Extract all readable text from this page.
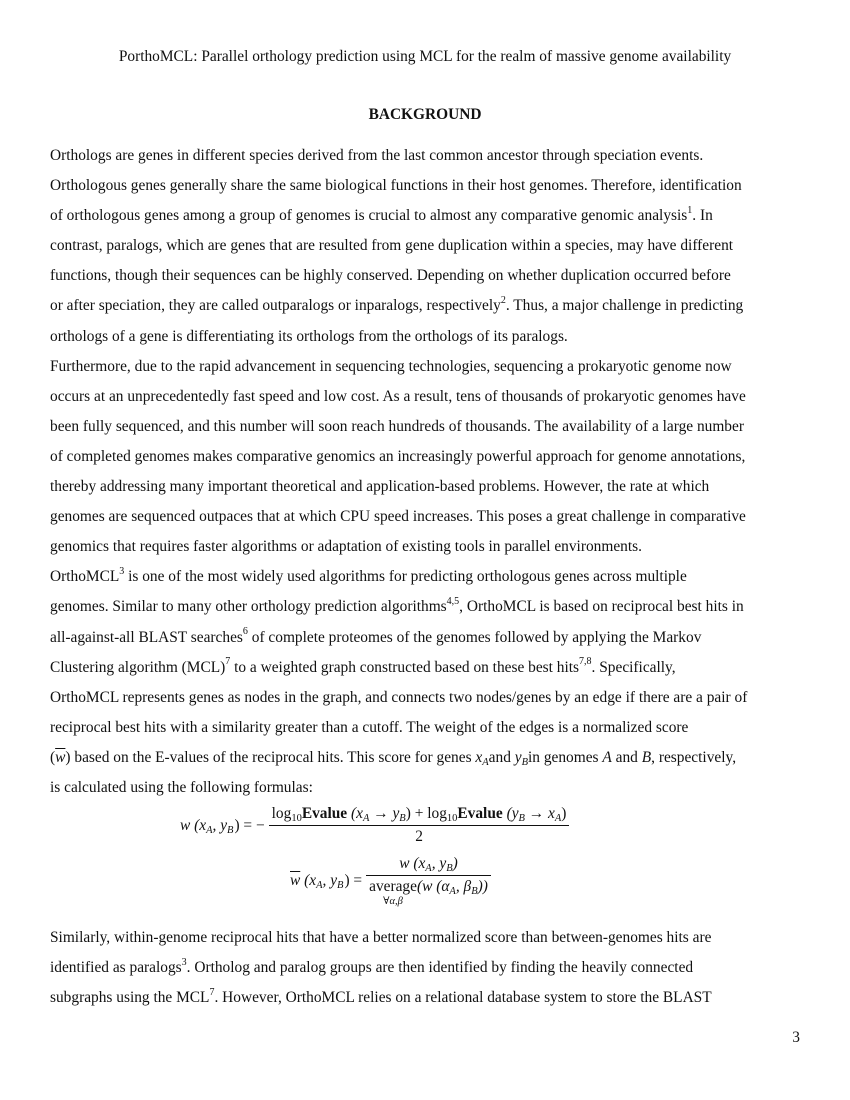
PorthoMCL: Parallel orthology prediction using MCL for the realm of massive genome availability
BACKGROUND
Orthologs are genes in different species derived from the last common ancestor through speciation events.
Orthologous genes generally share the same biological functions in their host genomes. Therefore, identification
of orthologous genes among a group of genomes is crucial to almost any comparative genomic analysis$^1$. In
contrast, paralogs, which are genes that are resulted from gene duplication within a species, may have different
functions, though their sequences can be highly conserved. Depending on whether duplication occurred before
or after speciation, they are called outparalogs or inparalogs, respectively$^2$. Thus, a major challenge in predicting
orthologs of a gene is differentiating its orthologs from the orthologs of its paralogs.
Furthermore, due to the rapid advancement in sequencing technologies, sequencing a prokaryotic genome now
occurs at an unprecedentedly fast speed and low cost. As a result, tens of thousands of prokaryotic genomes have
been fully sequenced, and this number will soon reach hundreds of thousands. The availability of a large number
of completed genomes makes comparative genomics an increasingly powerful approach for genome annotations,
thereby addressing many important theoretical and application-based problems. However, the rate at which
genomes are sequenced outpaces that at which CPU speed increases. This poses a great challenge in comparative
genomics that requires faster algorithms or adaptation of existing tools in parallel environments.
OrthoMCL$^3$ is one of the most widely used algorithms for predicting orthologous genes across multiple
genomes. Similar to many other orthology prediction algorithms$^{4,5}$, OrthoMCL is based on reciprocal best hits in
all-against-all BLAST searches$^6$ of complete proteomes of the genomes followed by applying the Markov
Clustering algorithm (MCL)$^7$ to a weighted graph constructed based on these best hits$^{7,8}$. Specifically,
OrthoMCL represents genes as nodes in the graph, and connects two nodes/genes by an edge if there are a pair of
reciprocal best hits with a similarity greater than a cutoff. The weight of the edges is a normalized score
$(\overline{w})$ based on the E-values of the reciprocal hits. This score for genes $x_Aand$ $y_Bin$ genomes A and B, respectively,
is calculated using the following formulas:
w ($x_A$, $y_B$ ) = − $\frac{\log_{10}Evalue (x_A \to y_B) + \log_{10}Evalue (y_B \to x_A)}{2}$
$\overline{w}$ ($x_A$, $y_B$ ) = w ($x_A$, $y_B$)
average
∀α,β
(w ($\alpha_A$, $\beta_B$))
Similarly, within-genome reciprocal hits that have a better normalized score than between-genomes hits are
identified as paralogs$^3$. Ortholog and paralog groups are then identified by finding the heavily connected
subgraphs using the MCL$^7$. However, OrthoMCL relies on a relational database system to store the BLAST
3
